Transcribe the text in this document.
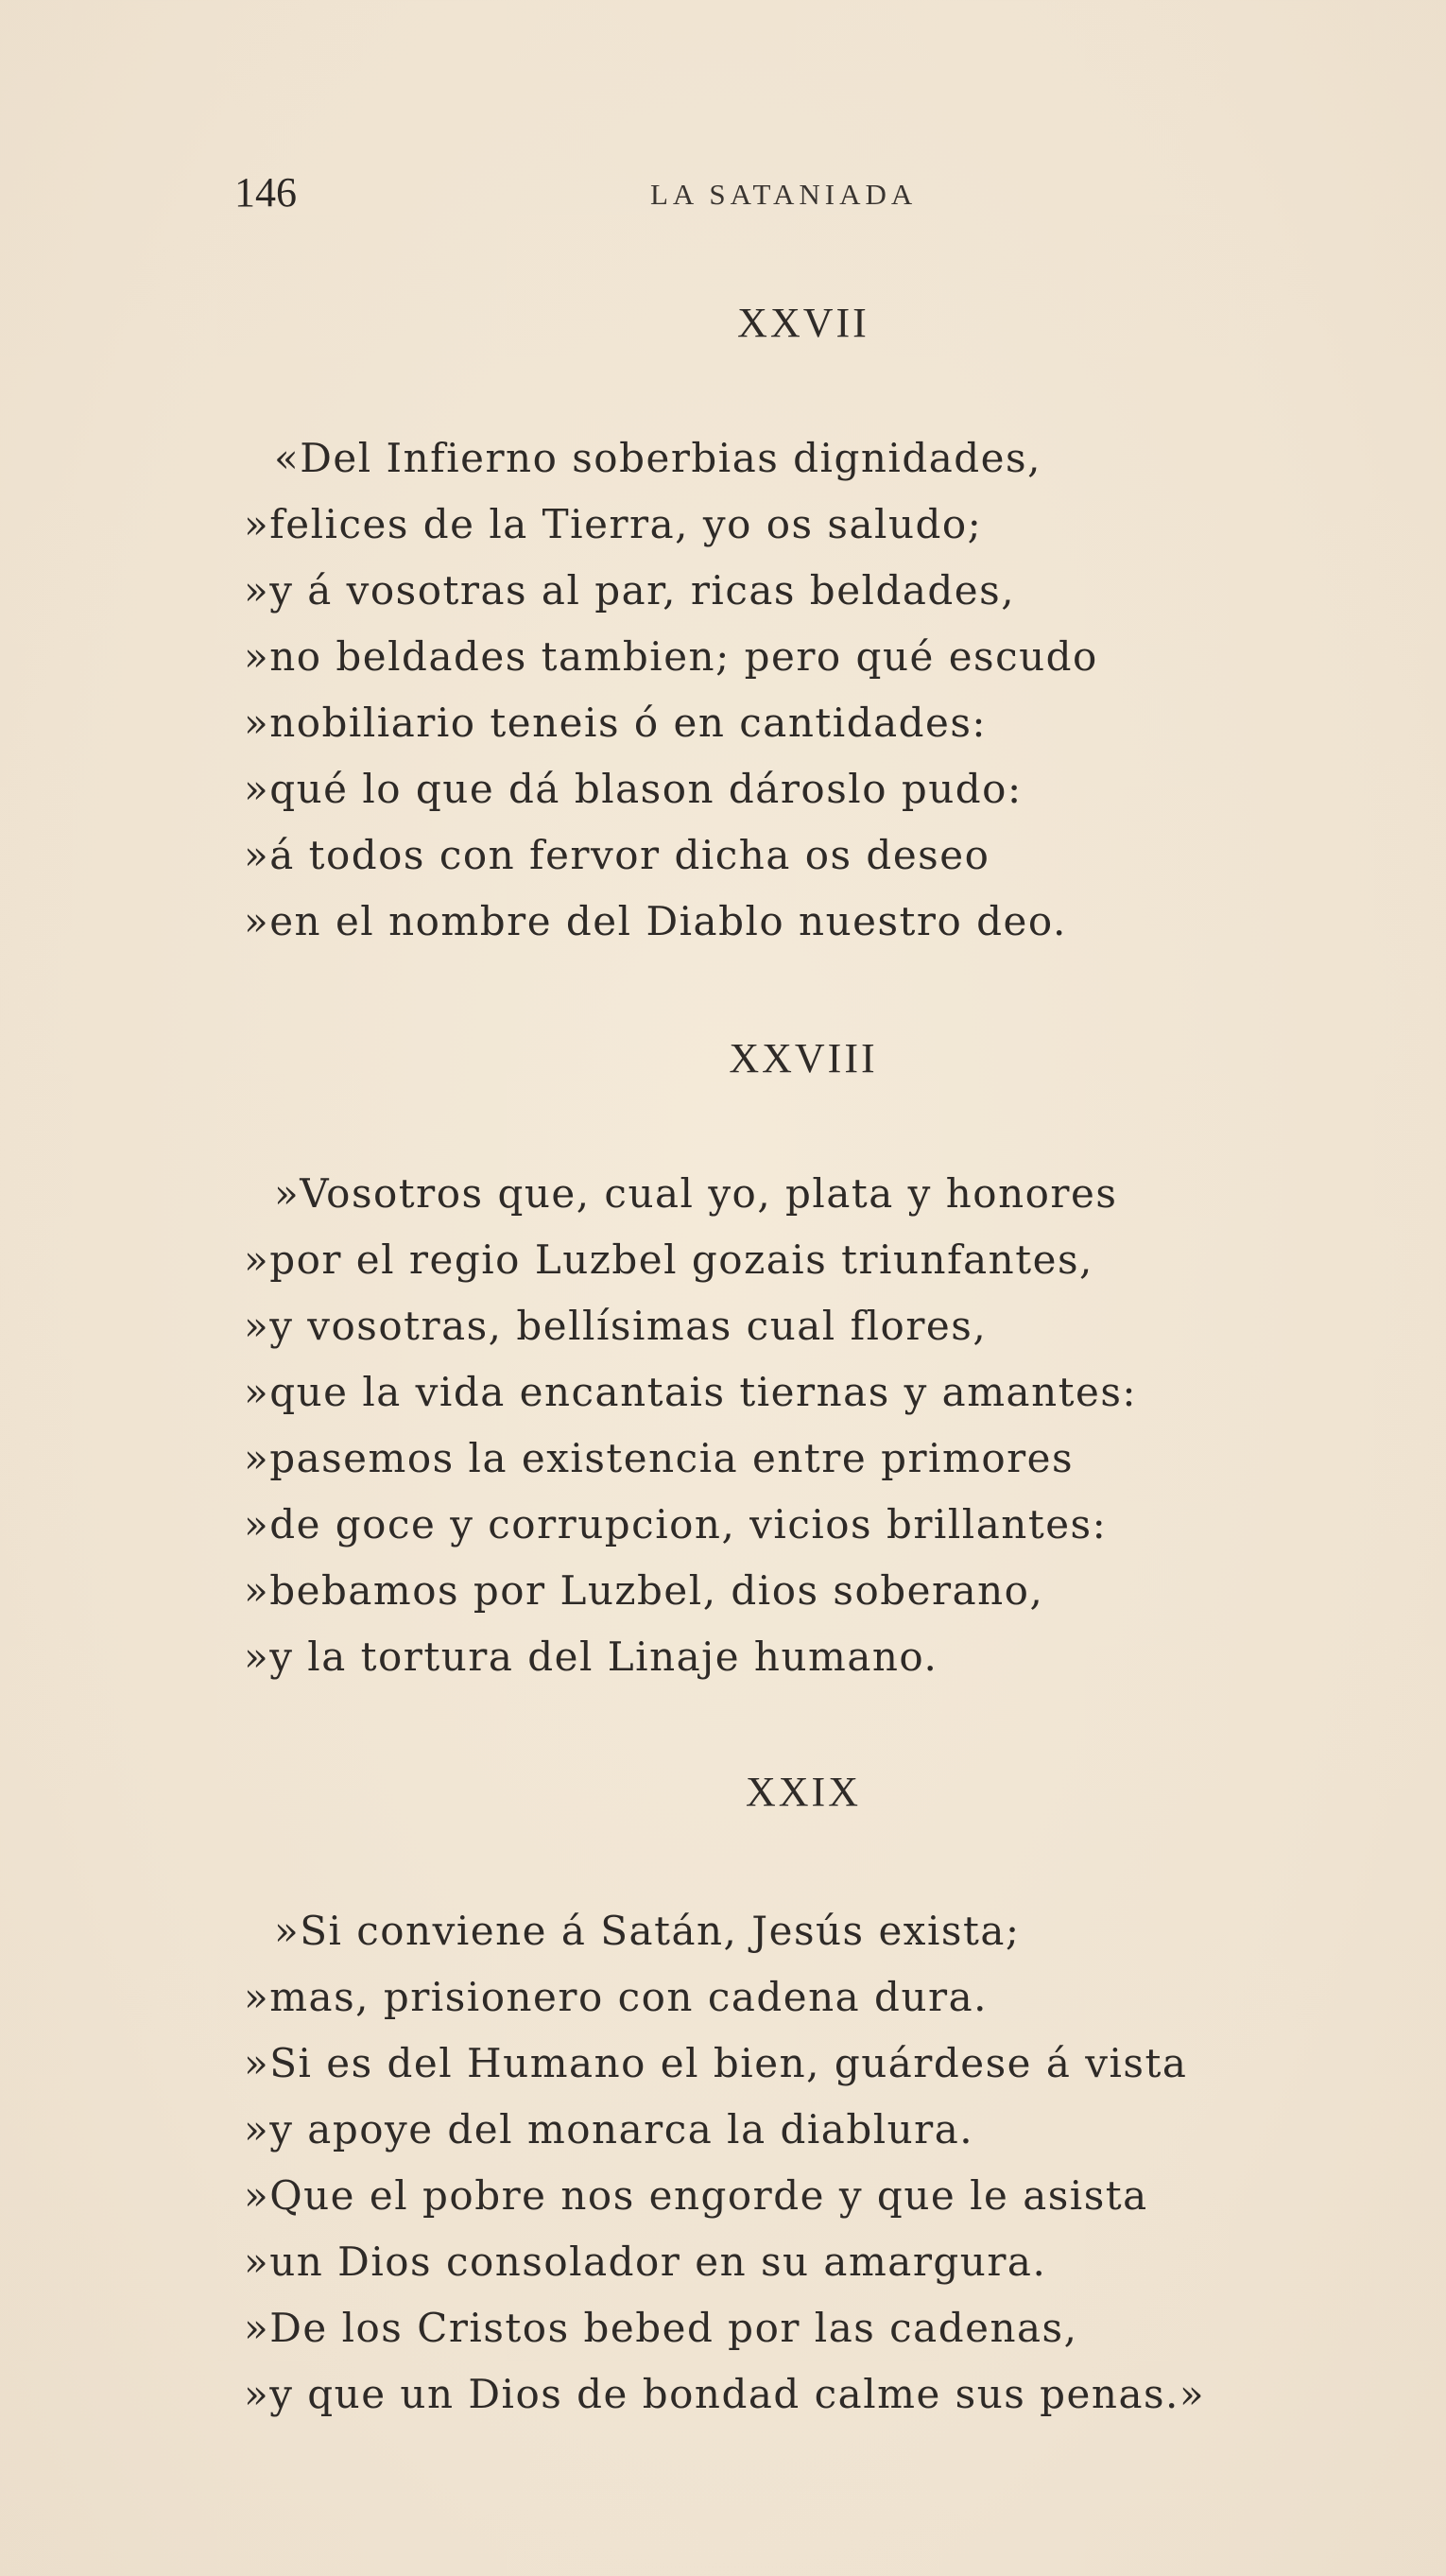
146	LA SATANIADA
XXVII
«Del Infierno soberbias dignidades,
»felices de la Tierra, yo os saludo;
»y á vosotras al par, ricas beldades,
»no beldades tambien; pero qué escudo
»nobiliario teneis ó en cantidades:
»qué lo que dá blason dároslo pudo:
»á todos con fervor dicha os deseo
»en el nombre del Diablo nuestro deo.
XXVIII
»Vosotros que, cual yo, plata y honores
»por el regio Luzbel gozais triunfantes,
»y vosotras, bellísimas cual flores,
»que la vida encantais tiernas y amantes:
»pasemos la existencia entre primores
»de goce y corrupcion, vicios brillantes:
»bebamos por Luzbel, dios soberano,
»y la tortura del Linaje humano.
XXIX
»Si conviene á Satán, Jesús exista;
»mas, prisionero con cadena dura.
»Si es del Humano el bien, guárdese á vista
»y apoye del monarca la diablura.
»Que el pobre nos engorde y que le asista
»un Dios consolador en su amargura.
»De los Cristos bebed por las cadenas,
»y que un Dios de bondad calme sus penas.»
